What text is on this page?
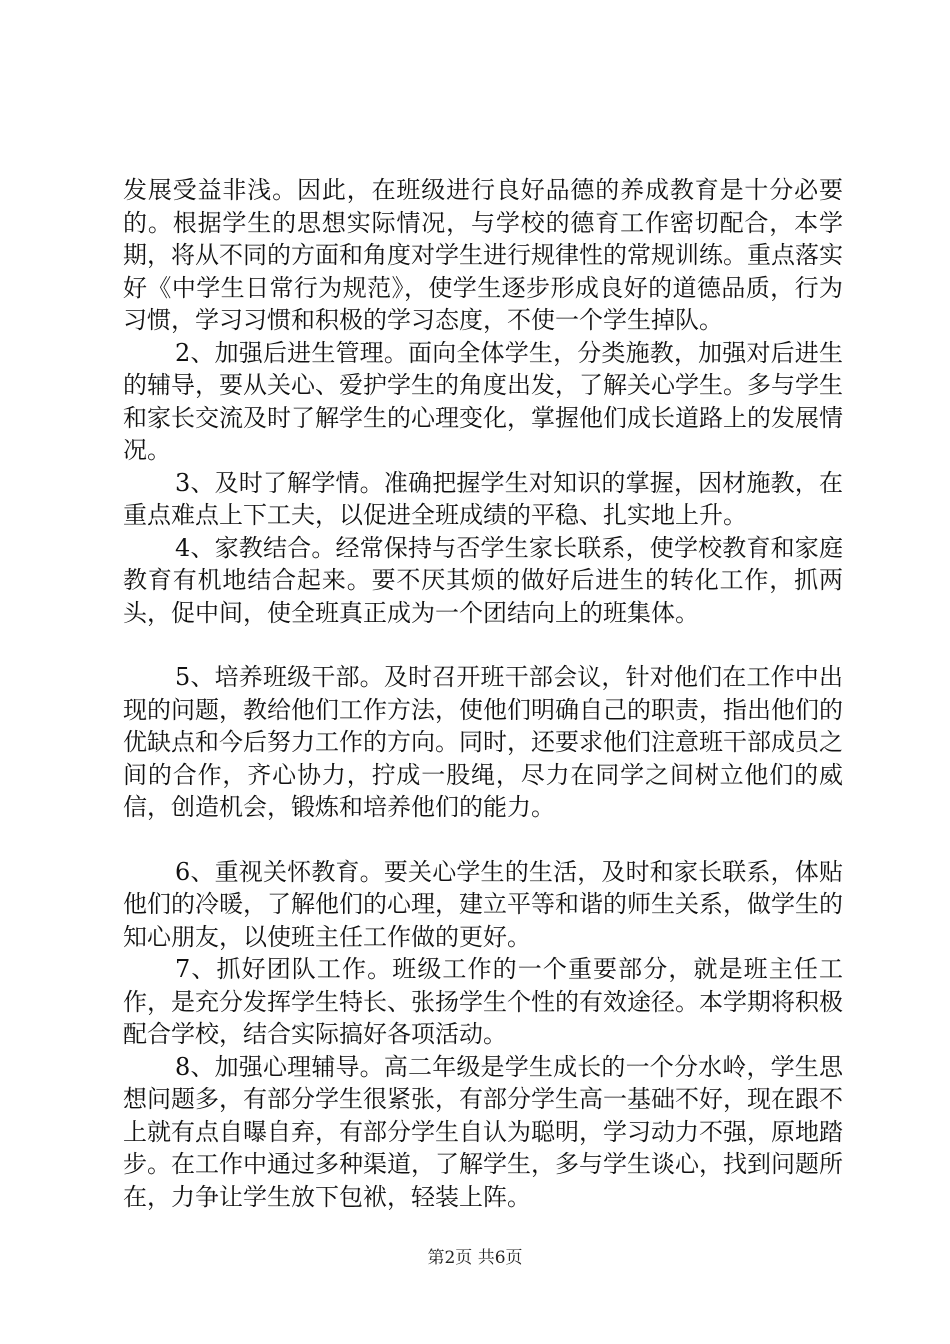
发展受益非浅。因此，在班级进行良好品德的养成教育是十分必要的。根据学生的思想实际情况，与学校的德育工作密切配合，本学期，将从不同的方面和角度对学生进行规律性的常规训练。重点落实好《中学生日常行为规范》，使学生逐步形成良好的道德品质，行为习惯，学习习惯和积极的学习态度，不使一个学生掉队。

2、加强后进生管理。面向全体学生，分类施教，加强对后进生的辅导，要从关心、爱护学生的角度出发，了解关心学生。多与学生和家长交流及时了解学生的心理变化，掌握他们成长道路上的发展情况。

3、及时了解学情。准确把握学生对知识的掌握，因材施教，在重点难点上下工夫，以促进全班成绩的平稳、扎实地上升。

4、家教结合。经常保持与否学生家长联系，使学校教育和家庭教育有机地结合起来。要不厌其烦的做好后进生的转化工作，抓两头，促中间，使全班真正成为一个团结向上的班集体。

5、培养班级干部。及时召开班干部会议，针对他们在工作中出现的问题，教给他们工作方法，使他们明确自己的职责，指出他们的优缺点和今后努力工作的方向。同时，还要求他们注意班干部成员之间的合作，齐心协力，拧成一股绳，尽力在同学之间树立他们的威信，创造机会，锻炼和培养他们的能力。

6、重视关怀教育。要关心学生的生活，及时和家长联系，体贴他们的冷暖，了解他们的心理，建立平等和谐的师生关系，做学生的知心朋友，以使班主任工作做的更好。

7、抓好团队工作。班级工作的一个重要部分，就是班主任工作，是充分发挥学生特长、张扬学生个性的有效途径。本学期将积极配合学校，结合实际搞好各项活动。

8、加强心理辅导。高二年级是学生成长的一个分水岭，学生思想问题多，有部分学生很紧张，有部分学生高一基础不好，现在跟不上就有点自曝自弃，有部分学生自认为聪明，学习动力不强，原地踏步。在工作中通过多种渠道，了解学生，多与学生谈心，找到问题所在，力争让学生放下包袱，轻装上阵。

第2页 共6页
